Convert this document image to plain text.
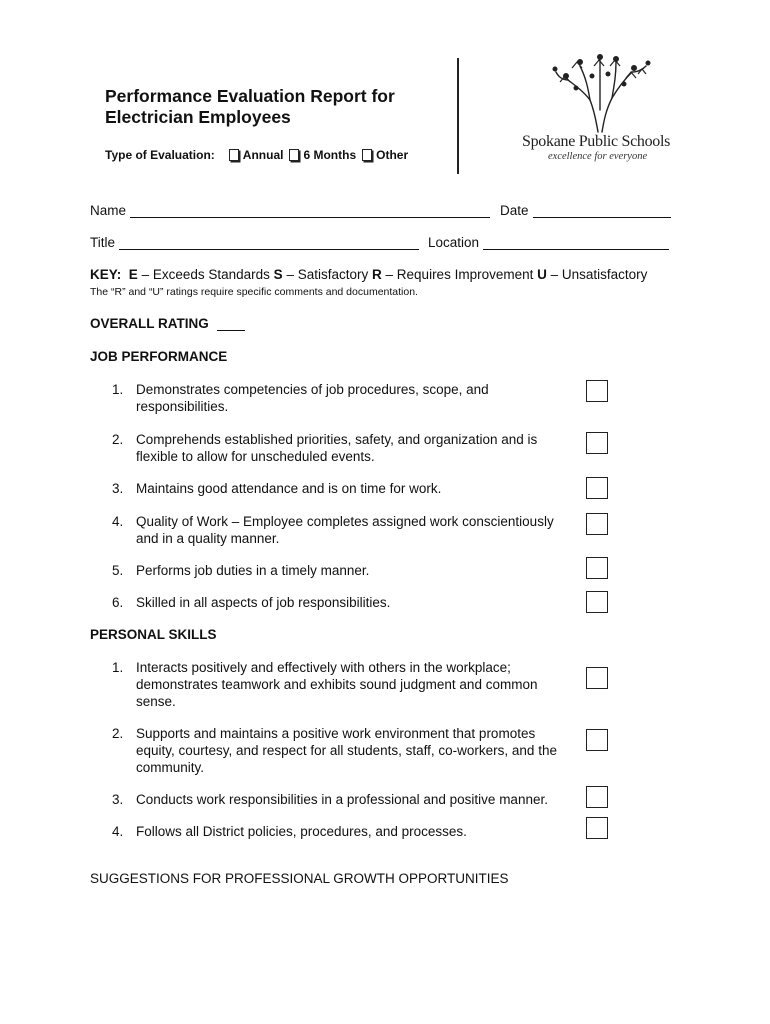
Performance Evaluation Report for
Electrician Employees
Type of Evaluation: Annual 6 Months Other
Spokane Public Schools
excellence for everyone
Name	Date
Title	Location
KEY: E – Exceeds Standards S – Satisfactory R – Requires Improvement U – Unsatisfactory
The “R” and “U” ratings require specific comments and documentation.
OVERALL RATING
JOB PERFORMANCE
1. Demonstrates competencies of job procedures, scope, and responsibilities.
2. Comprehends established priorities, safety, and organization and is flexible to allow for unscheduled events.
3. Maintains good attendance and is on time for work.
4. Quality of Work – Employee completes assigned work conscientiously and in a quality manner.
5. Performs job duties in a timely manner.
6. Skilled in all aspects of job responsibilities.
PERSONAL SKILLS
1. Interacts positively and effectively with others in the workplace; demonstrates teamwork and exhibits sound judgment and common sense.
2. Supports and maintains a positive work environment that promotes equity, courtesy, and respect for all students, staff, co-workers, and the community.
3. Conducts work responsibilities in a professional and positive manner.
4. Follows all District policies, procedures, and processes.
SUGGESTIONS FOR PROFESSIONAL GROWTH OPPORTUNITIES
